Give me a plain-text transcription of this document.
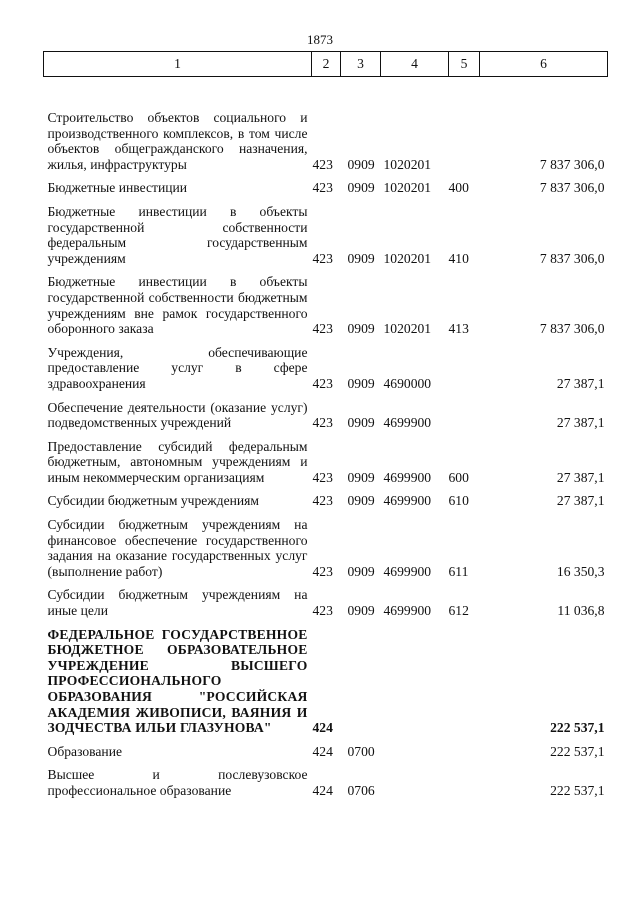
1873
1	2	3	4	5	6
Строительство объектов социального и производственного комплексов, в том числе объектов общегражданского назначения, жилья, инфраструктуры	423	0909	1020201		7 837 306,0
Бюджетные инвестиции	423	0909	1020201	400	7 837 306,0
Бюджетные инвестиции в объекты государственной собственности федеральным государственным учреждениям	423	0909	1020201	410	7 837 306,0
Бюджетные инвестиции в объекты государственной собственности бюджетным учреждениям вне рамок государственного оборонного заказа	423	0909	1020201	413	7 837 306,0
Учреждения, обеспечивающие предоставление услуг в сфере здравоохранения	423	0909	4690000		27 387,1
Обеспечение деятельности (оказание услуг) подведомственных учреждений	423	0909	4699900		27 387,1
Предоставление субсидий федеральным бюджетным, автономным учреждениям и иным некоммерческим организациям	423	0909	4699900	600	27 387,1
Субсидии бюджетным учреждениям	423	0909	4699900	610	27 387,1
Субсидии бюджетным учреждениям на финансовое обеспечение государственного задания на оказание государственных услуг (выполнение работ)	423	0909	4699900	611	16 350,3
Субсидии бюджетным учреждениям на иные цели	423	0909	4699900	612	11 036,8
ФЕДЕРАЛЬНОЕ ГОСУДАРСТВЕННОЕ БЮДЖЕТНОЕ ОБРАЗОВАТЕЛЬНОЕ УЧРЕЖДЕНИЕ ВЫСШЕГО ПРОФЕССИОНАЛЬНОГО ОБРАЗОВАНИЯ "РОССИЙСКАЯ АКАДЕМИЯ ЖИВОПИСИ, ВАЯНИЯ И ЗОДЧЕСТВА ИЛЬИ ГЛАЗУНОВА"	424				222 537,1
Образование	424	0700			222 537,1
Высшее и послевузовское профессиональное образование	424	0706			222 537,1
